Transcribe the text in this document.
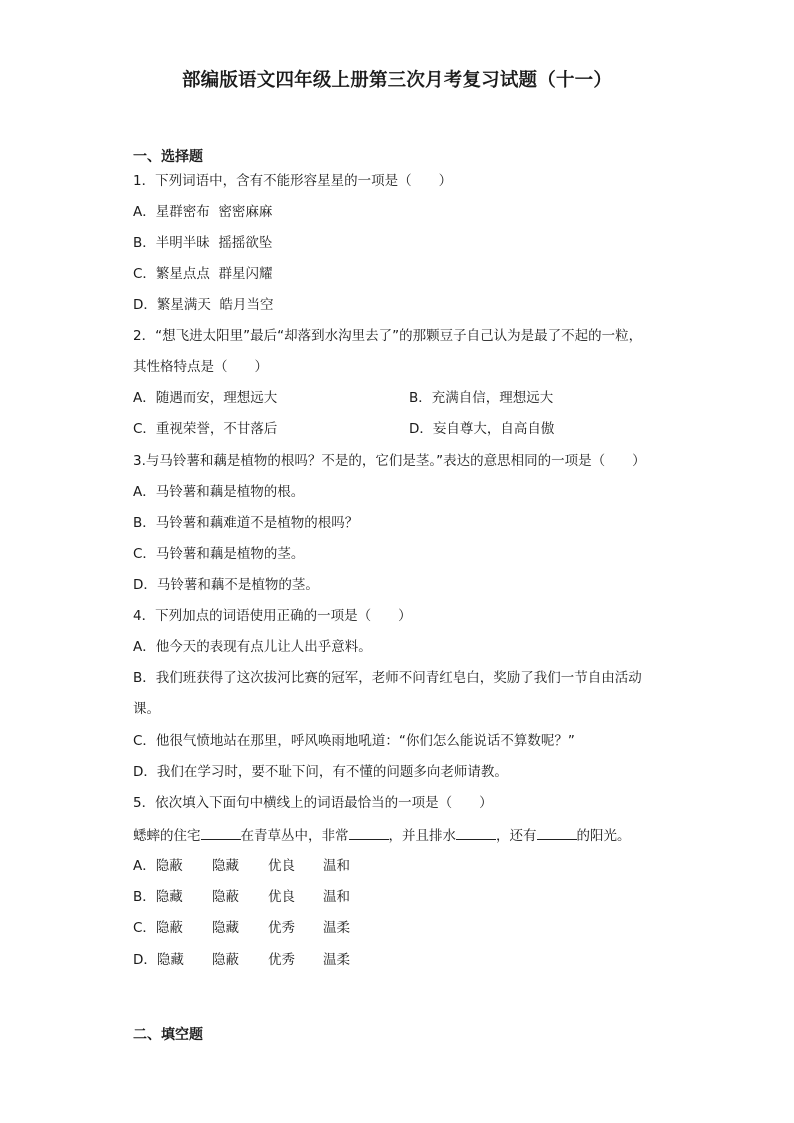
部编版语文四年级上册第三次月考复习试题（十一）
一、选择题
1．下列词语中，含有不能形容星星的一项是（　　）
A．星群密布  密密麻麻
B．半明半昧  摇摇欲坠
C．繁星点点  群星闪耀
D．繁星满天  皓月当空
2．“想飞进太阳里”最后“却落到水沟里去了”的那颗豆子自己认为是最了不起的一粒，
其性格特点是（　　）
A．随遇而安，理想远大	B．充满自信，理想远大
C．重视荣誉，不甘落后	D．妄自尊大，自高自傲
3.与马铃薯和藕是植物的根吗？不是的，它们是茎。”表达的意思相同的一项是（　　）
A．马铃薯和藕是植物的根。
B．马铃薯和藕难道不是植物的根吗？
C．马铃薯和藕是植物的茎。
D．马铃薯和藕不是植物的茎。
4．下列加点的词语使用正确的一项是（　　）
A．他今天的表现有点儿让人出乎意料。
B．我们班获得了这次拔河比赛的冠军，老师不问青红皂白，奖励了我们一节自由活动
课。
C．他很气愤地站在那里，呼风唤雨地吼道：“你们怎么能说话不算数呢？”
D．我们在学习时，要不耻下问，有不懂的问题多向老师请教。
5．依次填入下面句中横线上的词语最恰当的一项是（　　）
蟋蟀的住宅	在青草丛中，非常	，并且排水	，还有	的阳光。
A．隐蔽 隐藏 优良 温和
B．隐藏 隐蔽 优良 温和
C．隐蔽 隐藏 优秀 温柔
D．隐藏 隐蔽 优秀 温柔
二、填空题
